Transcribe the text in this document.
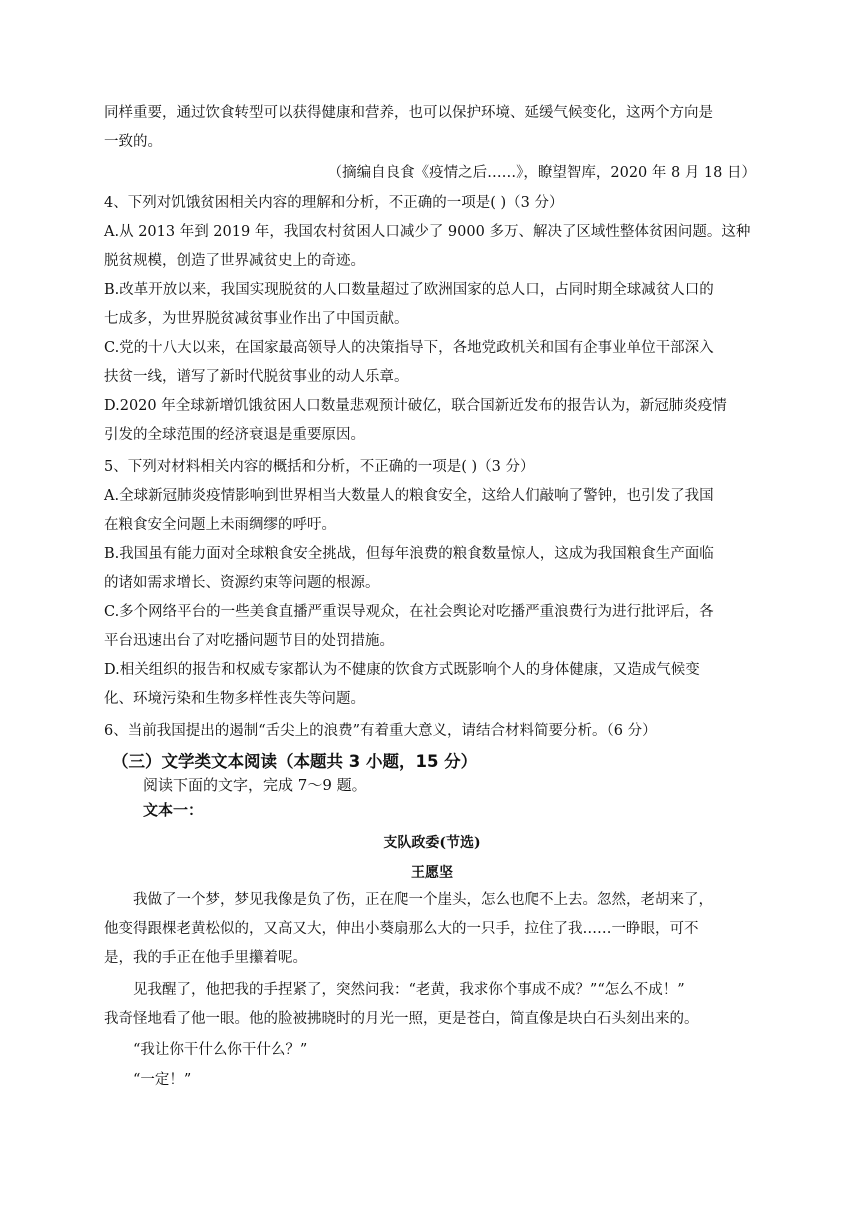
同样重要，通过饮食转型可以获得健康和营养，也可以保护环境、延缓气候变化，这两个方向是
一致的。
（摘编自良食《疫情之后……》，瞭望智库，2020 年 8 月 18 日）
4、下列对饥饿贫困相关内容的理解和分析，不正确的一项是( )（3 分）
A.从 2013 年到 2019 年，我国农村贫困人口减少了 9000 多万、解决了区域性整体贫困问题。这种
脱贫规模，创造了世界减贫史上的奇迹。
B.改革开放以来，我国实现脱贫的人口数量超过了欧洲国家的总人口，占同时期全球减贫人口的
七成多，为世界脱贫减贫事业作出了中国贡献。
C.党的十八大以来，在国家最高领导人的决策指导下，各地党政机关和国有企事业单位干部深入
扶贫一线，谱写了新时代脱贫事业的动人乐章。
D.2020 年全球新增饥饿贫困人口数量悲观预计破亿，联合国新近发布的报告认为，新冠肺炎疫情
引发的全球范围的经济衰退是重要原因。
5、下列对材料相关内容的概括和分析，不正确的一项是( )（3 分）
A.全球新冠肺炎疫情影响到世界相当大数量人的粮食安全，这给人们敲响了警钟，也引发了我国
在粮食安全问题上未雨绸缪的呼吁。
B.我国虽有能力面对全球粮食安全挑战，但每年浪费的粮食数量惊人，这成为我国粮食生产面临
的诸如需求增长、资源约束等问题的根源。
C.多个网络平台的一些美食直播严重误导观众，在社会舆论对吃播严重浪费行为进行批评后，各
平台迅速出台了对吃播问题节目的处罚措施。
D.相关组织的报告和权威专家都认为不健康的饮食方式既影响个人的身体健康，又造成气候变
化、环境污染和生物多样性丧失等问题。
6、当前我国提出的遏制“舌尖上的浪费”有着重大意义，请结合材料简要分析。（6 分）
（三）文学类文本阅读（本题共 3 小题，15 分）
阅读下面的文字，完成 7～9 题。
文本一：
支队政委(节选)
王愿坚
我做了一个梦，梦见我像是负了伤，正在爬一个崖头，怎么也爬不上去。忽然，老胡来了，
他变得跟棵老黄松似的，又高又大，伸出小葵扇那么大的一只手，拉住了我……一睁眼，可不
是，我的手正在他手里攥着呢。
见我醒了，他把我的手捏紧了，突然问我：“老黄，我求你个事成不成？”“怎么不成！”
我奇怪地看了他一眼。他的脸被拂晓时的月光一照，更是苍白，简直像是块白石头刻出来的。
“我让你干什么你干什么？”
“一定！”
